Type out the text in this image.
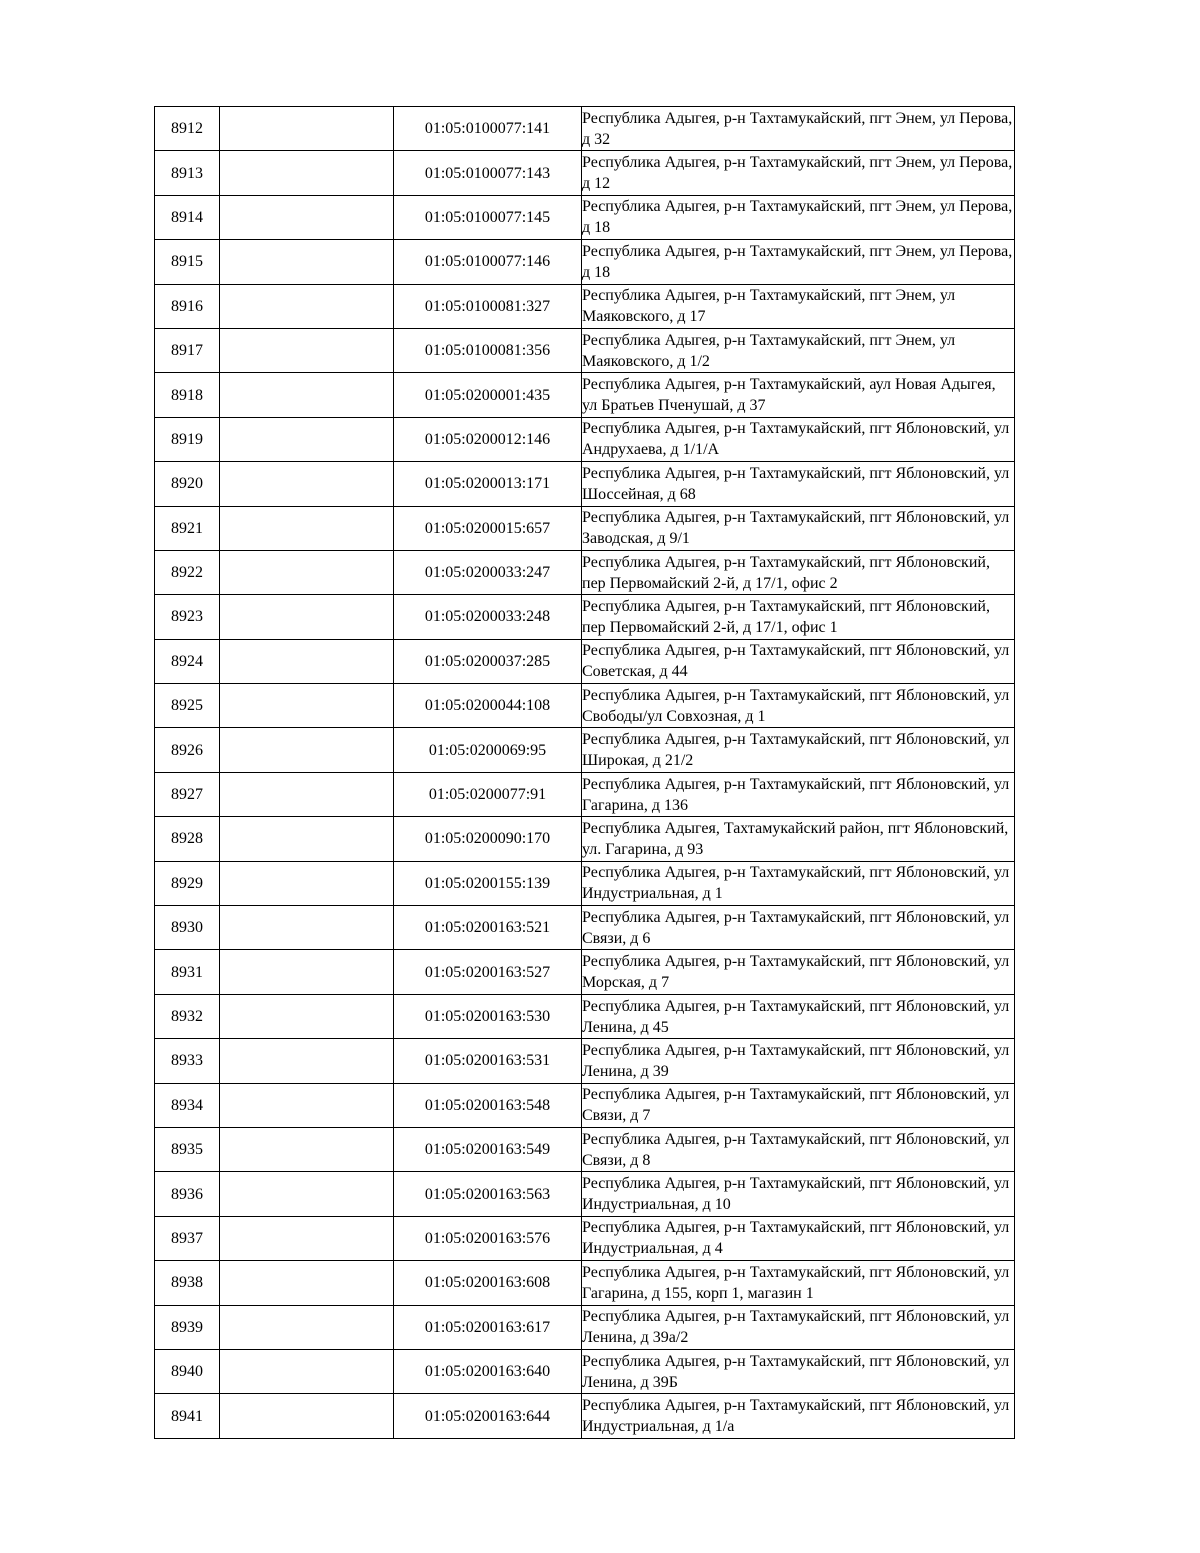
8912		01:05:0100077:141	Республика Адыгея, р-н Тахтамукайский, пгт Энем, ул Перова, д 32
8913		01:05:0100077:143	Республика Адыгея, р-н Тахтамукайский, пгт Энем, ул Перова, д 12
8914		01:05:0100077:145	Республика Адыгея, р-н Тахтамукайский, пгт Энем, ул Перова, д 18
8915		01:05:0100077:146	Республика Адыгея, р-н Тахтамукайский, пгт Энем, ул Перова, д 18
8916		01:05:0100081:327	Республика Адыгея, р-н Тахтамукайский, пгт Энем, ул Маяковского, д 17
8917		01:05:0100081:356	Республика Адыгея, р-н Тахтамукайский, пгт Энем, ул Маяковского, д 1/2
8918		01:05:0200001:435	Республика Адыгея, р-н Тахтамукайский, аул Новая Адыгея, ул Братьев Пченушай, д 37
8919		01:05:0200012:146	Республика Адыгея, р-н Тахтамукайский, пгт Яблоновский, ул Андрухаева, д 1/1/А
8920		01:05:0200013:171	Республика Адыгея, р-н Тахтамукайский, пгт Яблоновский, ул Шоссейная, д 68
8921		01:05:0200015:657	Республика Адыгея, р-н Тахтамукайский, пгт Яблоновский, ул Заводская, д 9/1
8922		01:05:0200033:247	Республика Адыгея, р-н Тахтамукайский, пгт Яблоновский, пер Первомайский 2-й, д 17/1, офис 2
8923		01:05:0200033:248	Республика Адыгея, р-н Тахтамукайский, пгт Яблоновский, пер Первомайский 2-й, д 17/1, офис 1
8924		01:05:0200037:285	Республика Адыгея, р-н Тахтамукайский, пгт Яблоновский, ул Советская, д 44
8925		01:05:0200044:108	Республика Адыгея, р-н Тахтамукайский, пгт Яблоновский, ул Свободы/ул Совхозная, д 1
8926		01:05:0200069:95	Республика Адыгея, р-н Тахтамукайский, пгт Яблоновский, ул Широкая, д 21/2
8927		01:05:0200077:91	Республика Адыгея, р-н Тахтамукайский, пгт Яблоновский, ул Гагарина, д 136
8928		01:05:0200090:170	Республика Адыгея, Тахтамукайский район, пгт Яблоновский, ул. Гагарина, д 93
8929		01:05:0200155:139	Республика Адыгея, р-н Тахтамукайский, пгт Яблоновский, ул Индустриальная, д 1
8930		01:05:0200163:521	Республика Адыгея, р-н Тахтамукайский, пгт Яблоновский, ул Связи, д 6
8931		01:05:0200163:527	Республика Адыгея, р-н Тахтамукайский, пгт Яблоновский, ул Морская, д 7
8932		01:05:0200163:530	Республика Адыгея, р-н Тахтамукайский, пгт Яблоновский, ул Ленина, д 45
8933		01:05:0200163:531	Республика Адыгея, р-н Тахтамукайский, пгт Яблоновский, ул Ленина, д 39
8934		01:05:0200163:548	Республика Адыгея, р-н Тахтамукайский, пгт Яблоновский, ул Связи, д 7
8935		01:05:0200163:549	Республика Адыгея, р-н Тахтамукайский, пгт Яблоновский, ул Связи, д 8
8936		01:05:0200163:563	Республика Адыгея, р-н Тахтамукайский, пгт Яблоновский, ул Индустриальная, д 10
8937		01:05:0200163:576	Республика Адыгея, р-н Тахтамукайский, пгт Яблоновский, ул Индустриальная, д 4
8938		01:05:0200163:608	Республика Адыгея, р-н Тахтамукайский, пгт Яблоновский, ул Гагарина, д 155, корп 1, магазин 1
8939		01:05:0200163:617	Республика Адыгея, р-н Тахтамукайский, пгт Яблоновский, ул Ленина, д 39а/2
8940		01:05:0200163:640	Республика Адыгея, р-н Тахтамукайский, пгт Яблоновский, ул Ленина, д 39Б
8941		01:05:0200163:644	Республика Адыгея, р-н Тахтамукайский, пгт Яблоновский, ул Индустриальная, д 1/а
